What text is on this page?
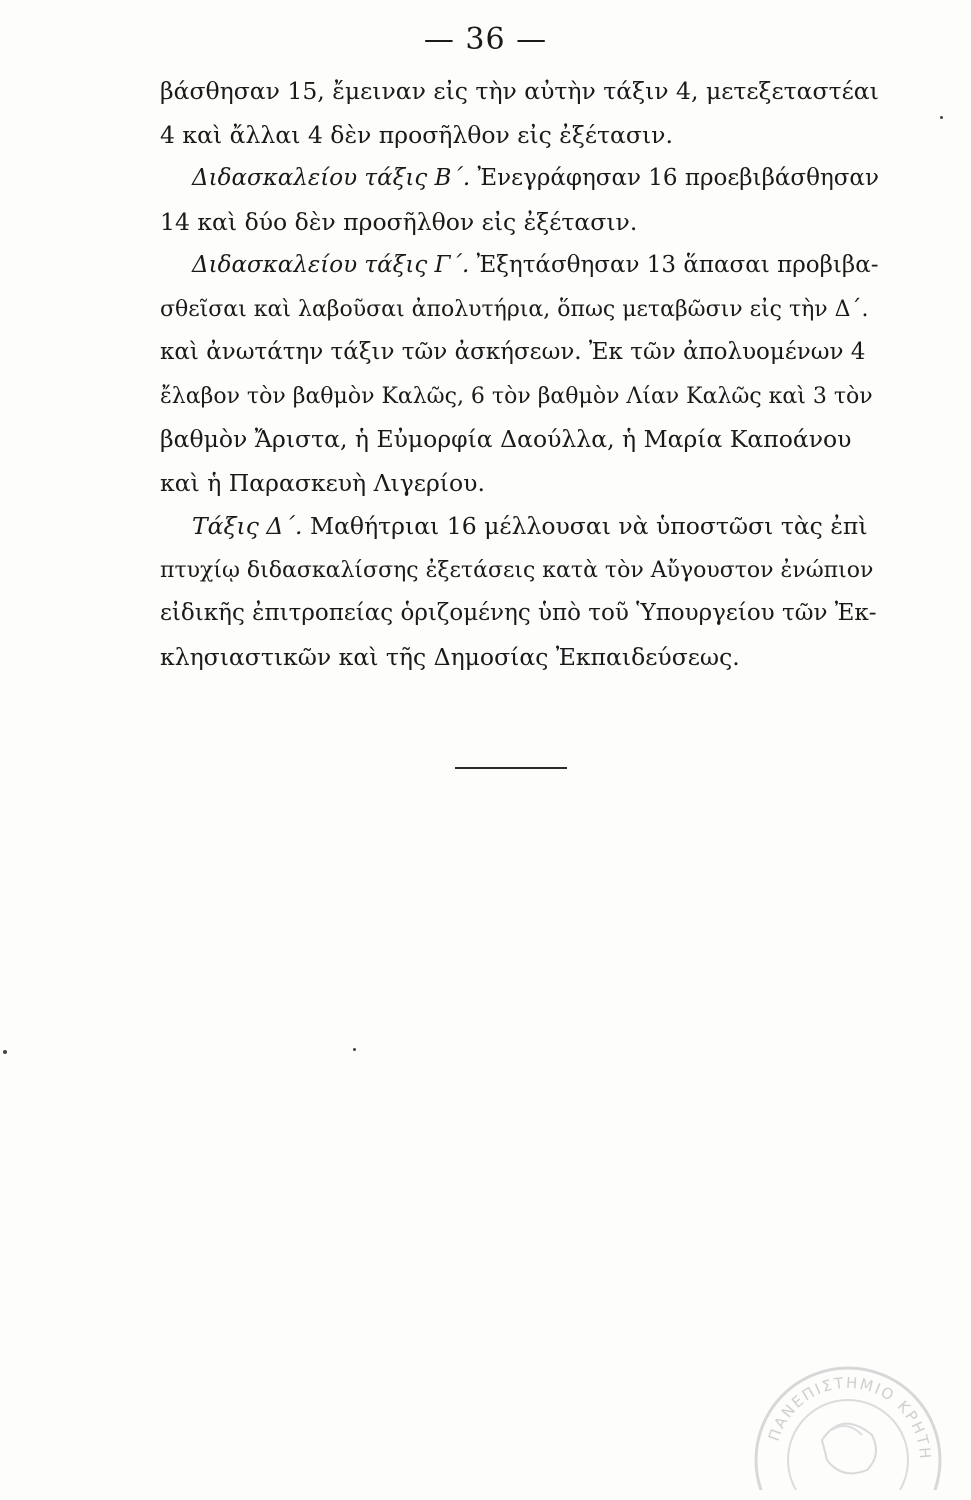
— 36 —
βάσθησαν 15, ἔμειναν εἰς τὴν αὐτὴν τάξιν 4, μετεξεταστέαι
4 καὶ ἄλλαι 4 δὲν προσῆλθον εἰς ἐξέτασιν.
Διδασκαλείου τάξις Β΄. Ἐνεγράφησαν 16 προεβιβάσθησαν
14 καὶ δύο δὲν προσῆλθον εἰς ἐξέτασιν.
Διδασκαλείου τάξις Γ΄. Ἐξητάσθησαν 13 ἅπασαι προβιβα-
σθεῖσαι καὶ λαβοῦσαι ἀπολυτήρια, ὅπως μεταβῶσιν εἰς τὴν Δ΄.
καὶ ἀνωτάτην τάξιν τῶν ἀσκήσεων. Ἐκ τῶν ἀπολυομένων 4
ἔλαβον τὸν βαθμὸν Καλῶς, 6 τὸν βαθμὸν Λίαν Καλῶς καὶ 3 τὸν
βαθμὸν Ἄριστα, ἡ Εὐμορφία Δαούλλα, ἡ Μαρία Καποάνου
καὶ ἡ Παρασκευὴ Λιγερίου.
Τάξις Δ΄. Μαθήτριαι 16 μέλλουσαι νὰ ὑποστῶσι τὰς ἐπὶ
πτυχίῳ διδασκαλίσσης ἐξετάσεις κατὰ τὸν Αὔγουστον ἐνώπιον
εἰδικῆς ἐπιτροπείας ὁριζομένης ὑπὸ τοῦ Ὑπουργείου τῶν Ἐκ-
κλησιαστικῶν καὶ τῆς Δημοσίας Ἐκπαιδεύσεως.
ΠΑΝΕΠΙΣΤΗΜΙΟ ΚΡΗΤΗ
